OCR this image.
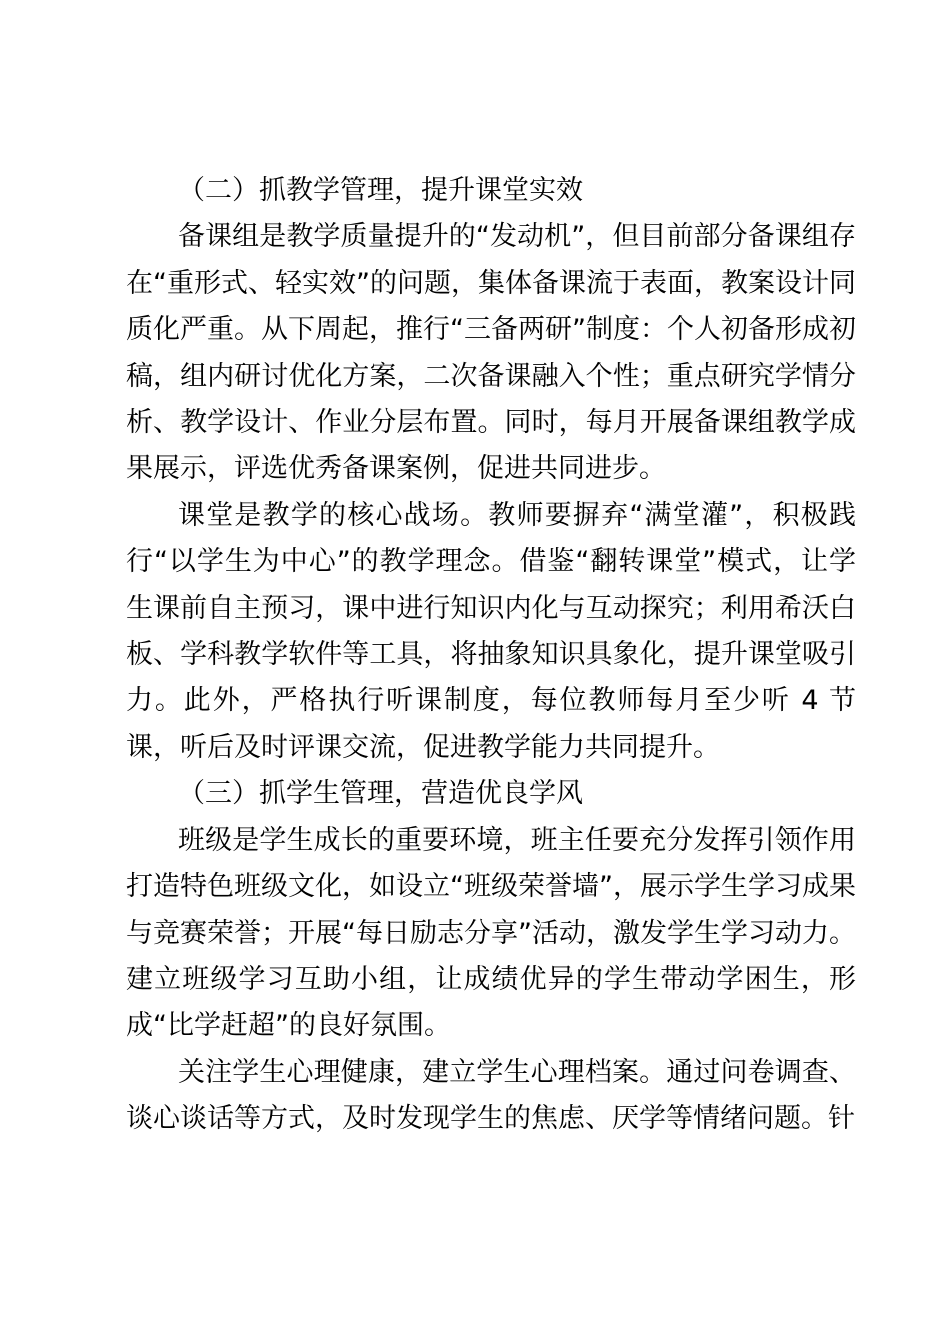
（二）抓教学管理，提升课堂实效

备课组是教学质量提升的“发动机”，但目前部分备课组存在“重形式、轻实效”的问题，集体备课流于表面，教案设计同质化严重。从下周起，推行“三备两研”制度：个人初备形成初稿，组内研讨优化方案，二次备课融入个性；重点研究学情分析、教学设计、作业分层布置。同时，每月开展备课组教学成果展示，评选优秀备课案例，促进共同进步。

课堂是教学的核心战场。教师要摒弃“满堂灌”，积极践行“以学生为中心”的教学理念。借鉴“翻转课堂”模式，让学生课前自主预习，课中进行知识内化与互动探究；利用希沃白板、学科教学软件等工具，将抽象知识具象化，提升课堂吸引力。此外，严格执行听课制度，每位教师每月至少听 4 节课，听后及时评课交流，促进教学能力共同提升。

（三）抓学生管理，营造优良学风

班级是学生成长的重要环境，班主任要充分发挥引领作用打造特色班级文化，如设立“班级荣誉墙”，展示学生学习成果与竞赛荣誉；开展“每日励志分享”活动，激发学生学习动力。建立班级学习互助小组，让成绩优异的学生带动学困生，形成“比学赶超”的良好氛围。

关注学生心理健康，建立学生心理档案。通过问卷调查、谈心谈话等方式，及时发现学生的焦虑、厌学等情绪问题。针
